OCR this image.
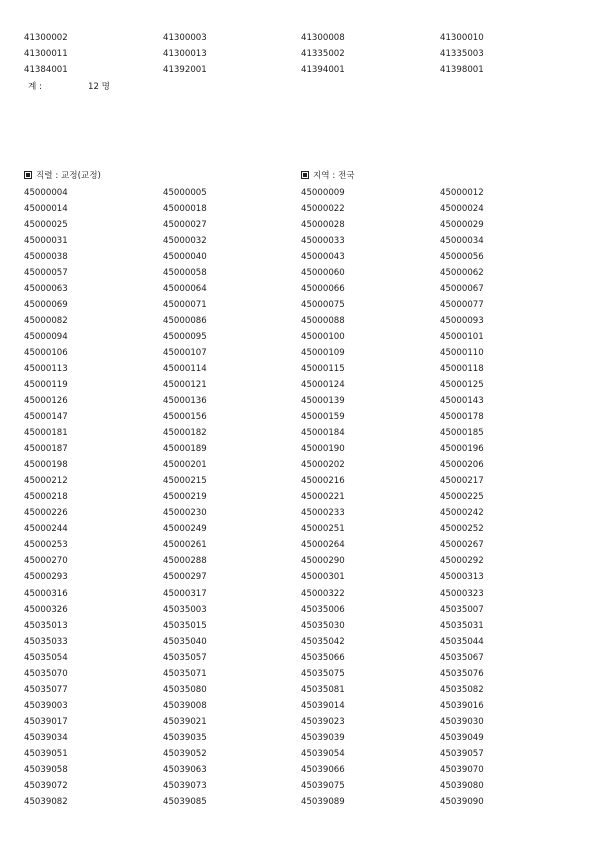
41300002	41300003	41300008	41300010
41300011	41300013	41335002	41335003
41384001	41392001	41394001	41398001
계 :	12 명
직렬 : 교정(교정)	지역 : 전국
45000004	45000005	45000009	45000012
45000014	45000018	45000022	45000024
45000025	45000027	45000028	45000029
45000031	45000032	45000033	45000034
45000038	45000040	45000043	45000056
45000057	45000058	45000060	45000062
45000063	45000064	45000066	45000067
45000069	45000071	45000075	45000077
45000082	45000086	45000088	45000093
45000094	45000095	45000100	45000101
45000106	45000107	45000109	45000110
45000113	45000114	45000115	45000118
45000119	45000121	45000124	45000125
45000126	45000136	45000139	45000143
45000147	45000156	45000159	45000178
45000181	45000182	45000184	45000185
45000187	45000189	45000190	45000196
45000198	45000201	45000202	45000206
45000212	45000215	45000216	45000217
45000218	45000219	45000221	45000225
45000226	45000230	45000233	45000242
45000244	45000249	45000251	45000252
45000253	45000261	45000264	45000267
45000270	45000288	45000290	45000292
45000293	45000297	45000301	45000313
45000316	45000317	45000322	45000323
45000326	45035003	45035006	45035007
45035013	45035015	45035030	45035031
45035033	45035040	45035042	45035044
45035054	45035057	45035066	45035067
45035070	45035071	45035075	45035076
45035077	45035080	45035081	45035082
45039003	45039008	45039014	45039016
45039017	45039021	45039023	45039030
45039034	45039035	45039039	45039049
45039051	45039052	45039054	45039057
45039058	45039063	45039066	45039070
45039072	45039073	45039075	45039080
45039082	45039085	45039089	45039090
